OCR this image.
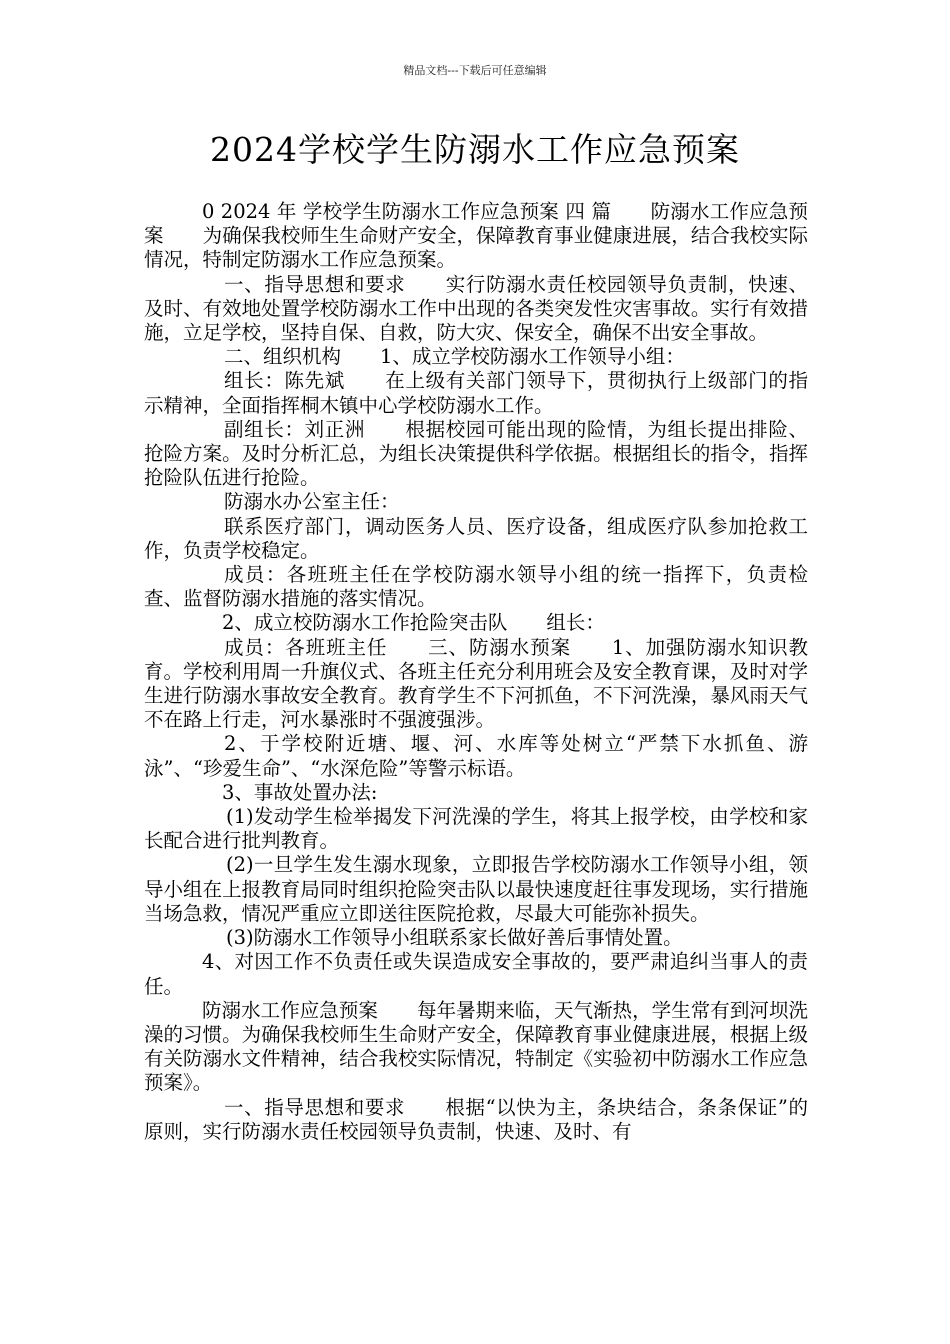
精品文档---下载后可任意编辑
2024学校学生防溺水工作应急预案

0 2024 年 学校学生防溺水工作应急预案 四 篇　　防溺水工作应急预案　　为确保我校师生生命财产安全，保障教育事业健康进展，结合我校实际情况，特制定防溺水工作应急预案。

一、指导思想和要求　　实行防溺水责任校园领导负责制，快速、及时、有效地处置学校防溺水工作中出现的各类突发性灾害事故。实行有效措施，立足学校，坚持自保、自救，防大灾、保安全，确保不出安全事故。

二、组织机构　　1、成立学校防溺水工作领导小组：

组长：陈先斌　　在上级有关部门领导下，贯彻执行上级部门的指示精神，全面指挥桐木镇中心学校防溺水工作。

副组长：刘正洲　　根据校园可能出现的险情，为组长提出排险、抢险方案。及时分析汇总，为组长决策提供科学依据。根据组长的指令，指挥抢险队伍进行抢险。

防溺水办公室主任：

联系医疗部门，调动医务人员、医疗设备，组成医疗队参加抢救工作，负责学校稳定。

成员：各班班主任在学校防溺水领导小组的统一指挥下，负责检查、监督防溺水措施的落实情况。

2、成立校防溺水工作抢险突击队　　组长：

成员：各班班主任　　三、防溺水预案　　1、加强防溺水知识教育。学校利用周一升旗仪式、各班主任充分利用班会及安全教育课，及时对学生进行防溺水事故安全教育。教育学生不下河抓鱼，不下河洗澡，暴风雨天气不在路上行走，河水暴涨时不强渡强涉。

2、于学校附近塘、堰、河、水库等处树立“严禁下水抓鱼、游泳”、“珍爱生命”、“水深危险”等警示标语。

3、事故处置办法:

(1)发动学生检举揭发下河洗澡的学生，将其上报学校，由学校和家长配合进行批判教育。

(2)一旦学生发生溺水现象，立即报告学校防溺水工作领导小组，领导小组在上报教育局同时组织抢险突击队以最快速度赶往事发现场，实行措施当场急救，情况严重应立即送往医院抢救，尽最大可能弥补损失。

(3)防溺水工作领导小组联系家长做好善后事情处置。

4、对因工作不负责任或失误造成安全事故的，要严肃追纠当事人的责任。

防溺水工作应急预案　　每年暑期来临，天气渐热，学生常有到河坝洗澡的习惯。为确保我校师生生命财产安全，保障教育事业健康进展，根据上级有关防溺水文件精神，结合我校实际情况，特制定《实验初中防溺水工作应急预案》。

一、指导思想和要求　　根据“以快为主，条块结合，条条保证”的原则，实行防溺水责任校园领导负责制，快速、及时、有
